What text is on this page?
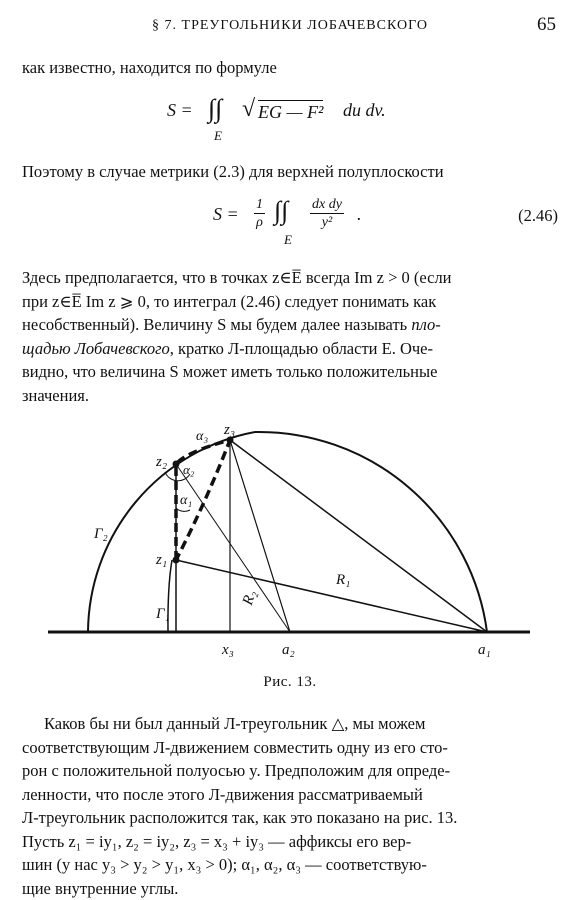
§ 7. ТРЕУГОЛЬНИКИ ЛОБАЧЕВСКОГО	65

как известно, находится по формуле

S = ∫∫
E
√ EG — F² du dv.

Поэтому в случае метрики (2.3) для верхней полуплоскости

$S = \frac{1}{\rho}$ ∫∫
E
$\frac{\text{dx dy}}{\text{y²}}$ .	(2.46)
Здесь предполагается, что в точках z∈E̅ всегда Im z > 0 (если
при z∈E̅ Im z ⩾ 0, то интеграл (2.46) следует понимать как
несобственный). Величину S мы будем далее называть пло-
щадью Лобачевского, кратко Л-площадью области E. Оче-
видно, что величина S может иметь только положительные
значения.
z₁
z₂
z₃
α₁
α₂
α₃
Г₁
Г₂
R₁
R₂
x₃	a₂	a₁
Рис. 13.
Каков бы ни был данный Л-треугольник △, мы можем
соответствующим Л-движением совместить одну из его сто-
рон с положительной полуосью y. Предположим для опреде-
ленности, что после этого Л-движения рассматриваемый
Л-треугольник расположится так, как это показано на рис. 13.
Пусть z₁ = iy₁, z₂ = iy₂, z₃ = x₃ + iy₃ — аффиксы его вер-
шин (у нас y₃ > y₂ > y₁, x₃ > 0); α₁, α₂, α₃ — соответствую-
щие внутренние углы.
